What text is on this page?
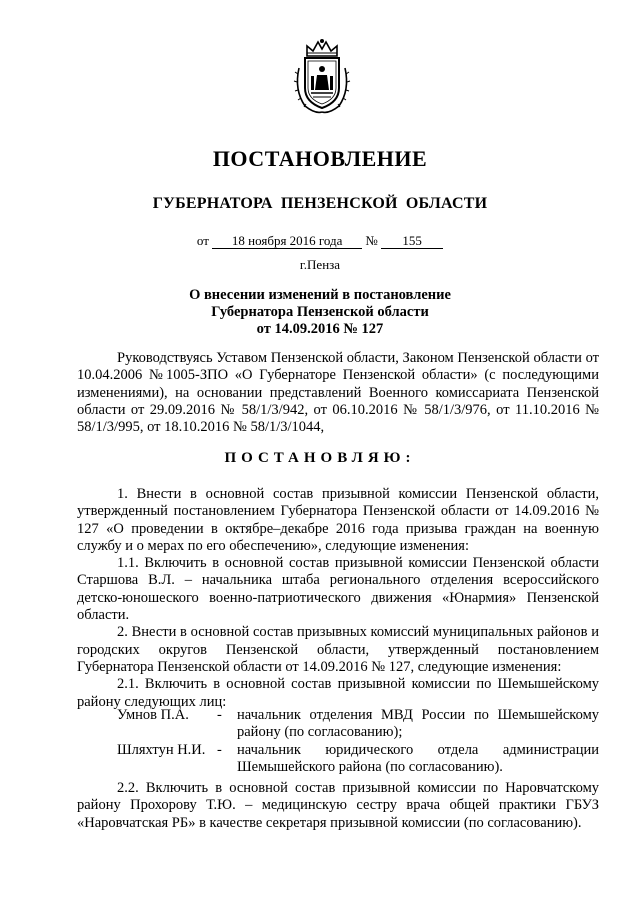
ПОСТАНОВЛЕНИЕ
ГУБЕРНАТОРА ПЕНЗЕНСКОЙ ОБЛАСТИ
от 18 ноября 2016 года № 155
г.Пенза
О внесении изменений в постановление
Губернатора Пензенской области
от 14.09.2016 № 127

Руководствуясь Уставом Пензенской области, Законом Пензенской области от 10.04.2006 №1005-ЗПО «О Губернаторе Пензенской области» (с последующими изменениями), на основании представлений Военного комиссариата Пензенской области от 29.09.2016 № 58/1/3/942, от 06.10.2016 № 58/1/3/976, от 11.10.2016 № 58/1/3/995, от 18.10.2016 № 58/1/3/1044,

ПОСТАНОВЛЯЮ:

1. Внести в основной состав призывной комиссии Пензенской области, утвержденный постановлением Губернатора Пензенской области от 14.09.2016 № 127 «О проведении в октябре–декабре 2016 года призыва граждан на военную службу и о мерах по его обеспечению», следующие изменения:

1.1. Включить в основной состав призывной комиссии Пензенской области Старшова В.Л. – начальника штаба регионального отделения всероссийского детско-юношеского военно-патриотического движения «Юнармия» Пензенской области.

2. Внести в основной состав призывных комиссий муниципальных районов и городских округов Пензенской области, утвержденный постановлением Губернатора Пензенской области от 14.09.2016 № 127, следующие изменения:

2.1. Включить в основной состав призывной комиссии по Шемышейскому району следующих лиц:

Умнов П.А.	-	начальник отделения МВД России по Шемышейскому району (по согласованию);
Шляхтун Н.И. -	начальник юридического отдела администрации Шемышейского района (по согласованию).

2.2. Включить в основной состав призывной комиссии по Наровчатскому району Прохорову Т.Ю. – медицинскую сестру врача общей практики ГБУЗ «Наровчатская РБ» в качестве секретаря призывной комиссии (по согласованию).
